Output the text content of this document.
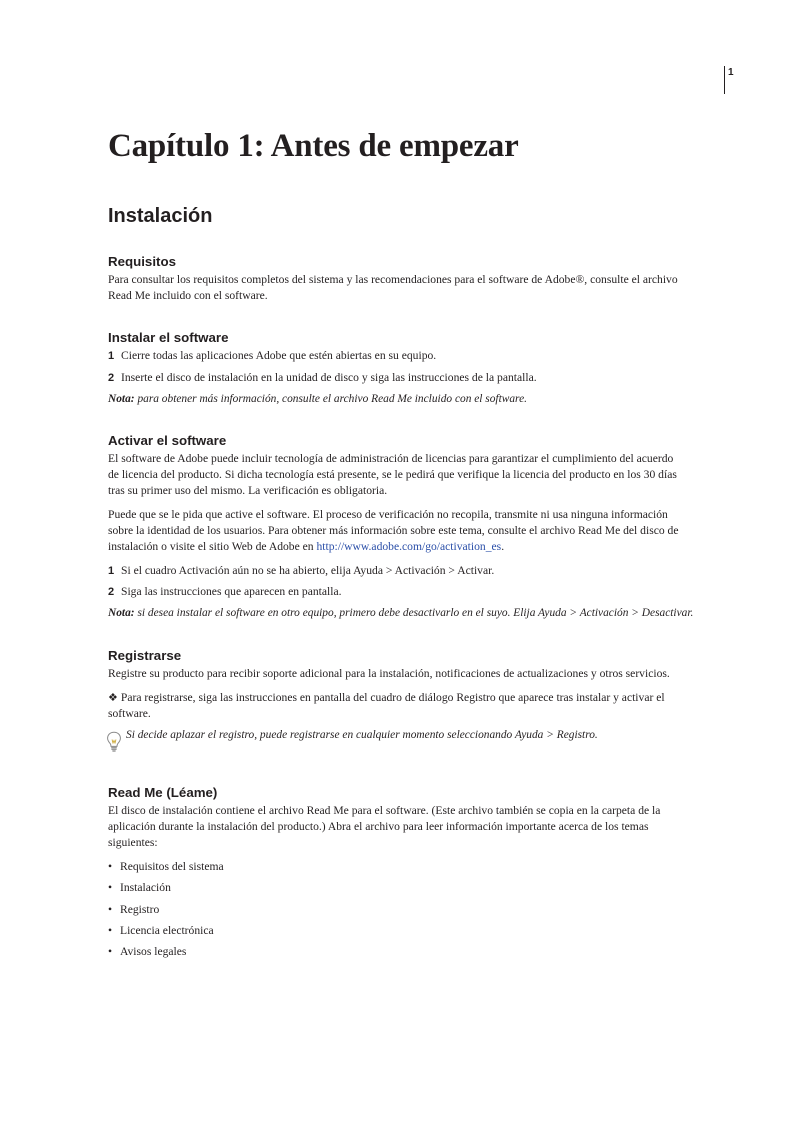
1
Capítulo 1: Antes de empezar
Instalación
Requisitos

Para consultar los requisitos completos del sistema y las recomendaciones para el software de Adobe®, consulte el archivo

Read Me incluido con el software.

Instalar el software
1 Cierre todas las aplicaciones Adobe que estén abiertas en su equipo.
2 Inserte el disco de instalación en la unidad de disco y siga las instrucciones de la pantalla.
Nota: para obtener más información, consulte el archivo Read Me incluido con el software.
Activar el software

El software de Adobe puede incluir tecnología de administración de licencias para garantizar el cumplimiento del acuerdo

de licencia del producto. Si dicha tecnología está presente, se le pedirá que verifique la licencia del producto en los 30 días

tras su primer uso del mismo. La verificación es obligatoria.

Puede que se le pida que active el software. El proceso de verificación no recopila, transmite ni usa ninguna información

sobre la identidad de los usuarios. Para obtener más información sobre este tema, consulte el archivo Read Me del disco de

instalación o visite el sitio Web de Adobe en http://www.adobe.com/go/activation_es.

1 Si el cuadro Activación aún no se ha abierto, elija Ayuda > Activación > Activar.
2 Siga las instrucciones que aparecen en pantalla.
Nota: si desea instalar el software en otro equipo, primero debe desactivarlo en el suyo. Elija Ayuda > Activación > Desactivar.
Registrarse

Registre su producto para recibir soporte adicional para la instalación, notificaciones de actualizaciones y otros servicios.

❖ Para registrarse, siga las instrucciones en pantalla del cuadro de diálogo Registro que aparece tras instalar y activar el

software.

Si decide aplazar el registro, puede registrarse en cualquier momento seleccionando Ayuda > Registro.
Read Me (Léame)

El disco de instalación contiene el archivo Read Me para el software. (Este archivo también se copia en la carpeta de la

aplicación durante la instalación del producto.) Abra el archivo para leer información importante acerca de los temas

siguientes:

• Requisitos del sistema
• Instalación
• Registro
• Licencia electrónica
• Avisos legales
